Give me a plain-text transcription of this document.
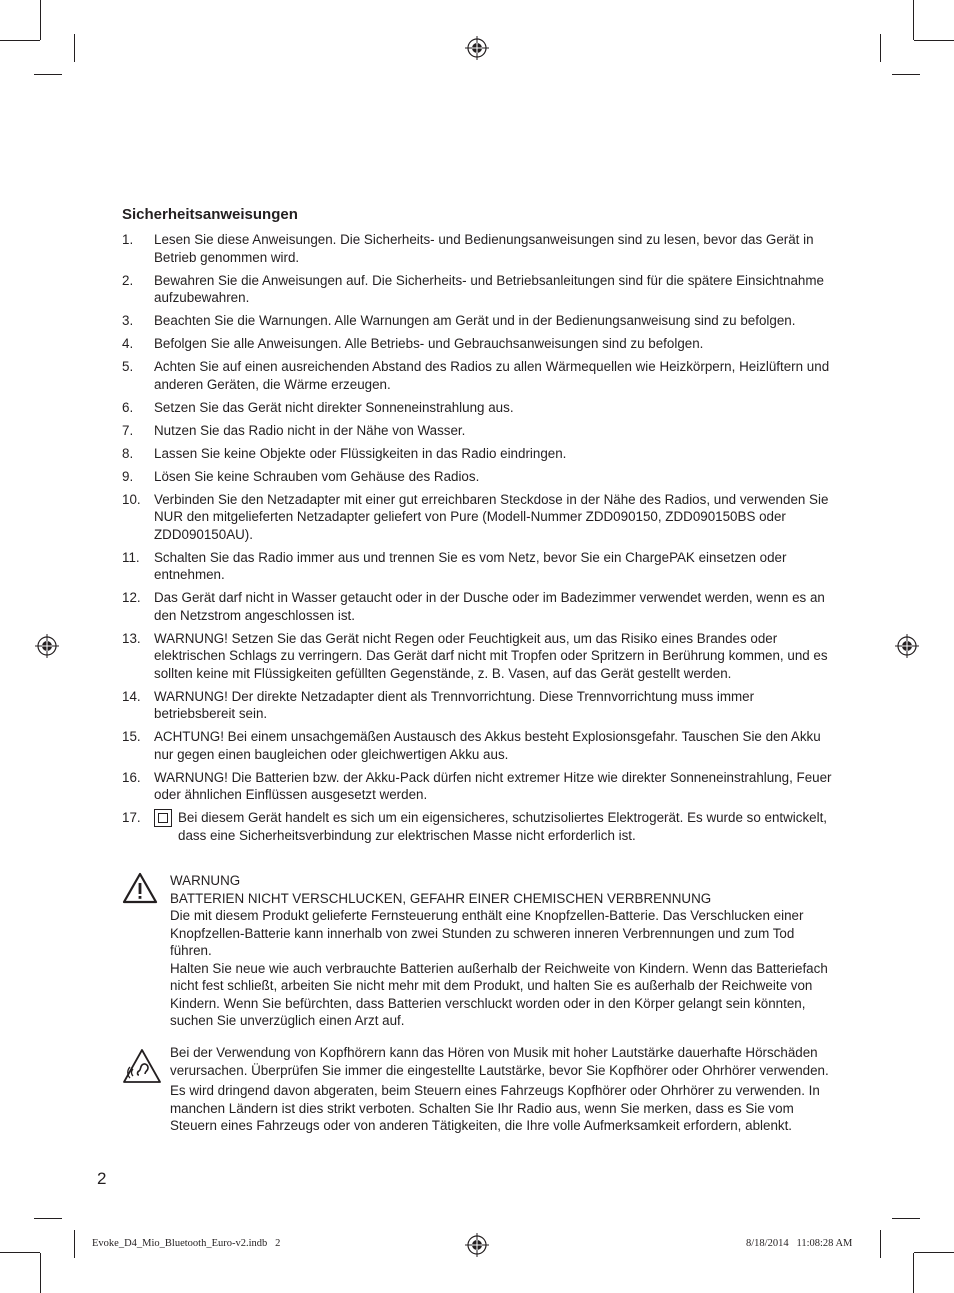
Sicherheitsanweisungen
1. Lesen Sie diese Anweisungen. Die Sicherheits- und Bedienungsanweisungen sind zu lesen, bevor das Gerät in Betrieb genommen wird.
2. Bewahren Sie die Anweisungen auf. Die Sicherheits- und Betriebsanleitungen sind für die spätere Einsichtnahme aufzubewahren.
3. Beachten Sie die Warnungen. Alle Warnungen am Gerät und in der Bedienungsanweisung sind zu befolgen.
4. Befolgen Sie alle Anweisungen. Alle Betriebs- und Gebrauchsanweisungen sind zu befolgen.
5. Achten Sie auf einen ausreichenden Abstand des Radios zu allen Wärmequellen wie Heizkörpern, Heizlüftern und anderen Geräten, die Wärme erzeugen.
6. Setzen Sie das Gerät nicht direkter Sonneneinstrahlung aus.
7. Nutzen Sie das Radio nicht in der Nähe von Wasser.
8. Lassen Sie keine Objekte oder Flüssigkeiten in das Radio eindringen.
9. Lösen Sie keine Schrauben vom Gehäuse des Radios.
10. Verbinden Sie den Netzadapter mit einer gut erreichbaren Steckdose in der Nähe des Radios, und verwenden Sie NUR den mitgelieferten Netzadapter geliefert von Pure (Modell-Nummer ZDD090150, ZDD090150BS oder ZDD090150AU).
11. Schalten Sie das Radio immer aus und trennen Sie es vom Netz, bevor Sie ein ChargePAK einsetzen oder entnehmen.
12. Das Gerät darf nicht in Wasser getaucht oder in der Dusche oder im Badezimmer verwendet werden, wenn es an den Netzstrom angeschlossen ist.
13. WARNUNG! Setzen Sie das Gerät nicht Regen oder Feuchtigkeit aus, um das Risiko eines Brandes oder elektrischen Schlags zu verringern. Das Gerät darf nicht mit Tropfen oder Spritzern in Berührung kommen, und es sollten keine mit Flüssigkeiten gefüllten Gegenstände, z. B. Vasen, auf das Gerät gestellt werden.
14. WARNUNG! Der direkte Netzadapter dient als Trennvorrichtung. Diese Trennvorrichtung muss immer betriebsbereit sein.
15. ACHTUNG! Bei einem unsachgemäßen Austausch des Akkus besteht Explosionsgefahr. Tauschen Sie den Akku nur gegen einen baugleichen oder gleichwertigen Akku aus.
16. WARNUNG! Die Batterien bzw. der Akku-Pack dürfen nicht extremer Hitze wie direkter Sonneneinstrahlung, Feuer oder ähnlichen Einflüssen ausgesetzt werden.
17.	Bei diesem Gerät handelt es sich um ein eigensicheres, schutzisoliertes Elektrogerät. Es wurde so entwickelt, dass eine Sicherheitsverbindung zur elektrischen Masse nicht erforderlich ist.

WARNUNG

BATTERIEN NICHT VERSCHLUCKEN, GEFAHR EINER CHEMISCHEN VERBRENNUNG

Die mit diesem Produkt gelieferte Fernsteuerung enthält eine Knopfzellen-Batterie. Das Verschlucken einer Knopfzellen-Batterie kann innerhalb von zwei Stunden zu schweren inneren Verbrennungen und zum Tod führen.

Halten Sie neue wie auch verbrauchte Batterien außerhalb der Reichweite von Kindern. Wenn das Batteriefach nicht fest schließt, arbeiten Sie nicht mehr mit dem Produkt, und halten Sie es außerhalb der Reichweite von Kindern. Wenn Sie befürchten, dass Batterien verschluckt worden oder in den Körper gelangt sein könnten, suchen Sie unverzüglich einen Arzt auf.

Bei der Verwendung von Kopfhörern kann das Hören von Musik mit hoher Lautstärke dauerhafte Hörschäden verursachen. Überprüfen Sie immer die eingestellte Lautstärke, bevor Sie Kopfhörer oder Ohrhörer verwenden.

Es wird dringend davon abgeraten, beim Steuern eines Fahrzeugs Kopfhörer oder Ohrhörer zu verwenden. In manchen Ländern ist dies strikt verboten. Schalten Sie Ihr Radio aus, wenn Sie merken, dass es Sie vom Steuern eines Fahrzeugs oder von anderen Tätigkeiten, die Ihre volle Aufmerksamkeit erfordern, ablenkt.

2
Evoke_D4_Mio_Bluetooth_Euro-v2.indb   2	8/18/2014   11:08:28 AM
